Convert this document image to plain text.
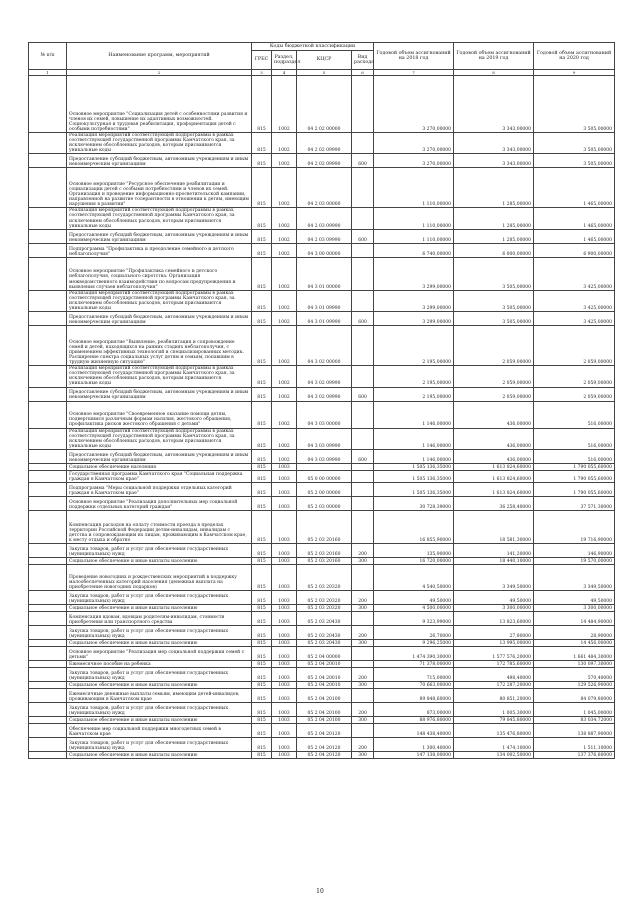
№ п/п	Наименование программ, мероприятий	Коды бюджетной классификации				Годовой объем ассигнований на 2018 год	Годовой объем ассигнований на 2019 год	Годовой объем ассигнований на 2020 год
		ГРБС	Раздел, подраздел	КЦСР	Вид расхода			
1	2	3	4	5	6	7	8	9
	Основное мероприятие "Социализация детей с особенностями развития и членов их семей, повышение их адаптивных возможностей. Социокультурная и трудовая реабилитация, профориентация детей с особыми потребностями"	815	1002	04 2 02 00000		3 270,00000	3 343,00000	3 505,00000
	Реализация мероприятий соответствующей подпрограммы в рамках соответствующей государственной программы Камчатского края, за исключением обособленных расходов, которым присваиваются уникальные коды	815	1002	04 2 02 09990		3 270,00000	3 343,00000	3 505,00000
	Предоставление субсидий бюджетным, автономным учреждениям и иным некоммерческим организациям	815	1002	04 2 02 09990	600	3 270,00000	3 343,00000	3 505,00000
	Основное мероприятие "Ресурсное обеспечение реабилитации и социализации детей с особыми потребностями и членов их семей. Организация и проведение информационно-просветительской кампании, направленной на развитие толерантности в отношении к детям, имеющим нарушения в развитии"	815	1002	04 2 03 00000		1 110,00000	1 285,00000	1 465,00000
	Реализация мероприятий соответствующей подпрограммы в рамках соответствующей государственной программы Камчатского края, за исключением обособленных расходов, которым присваиваются уникальные коды	815	1002	04 2 03 09990		1 110,00000	1 285,00000	1 465,00000
	Предоставление субсидий бюджетным, автономным учреждениям и иным некоммерческим организациям	815	1002	04 2 03 09990	600	1 110,00000	1 285,00000	1 465,00000
	Подпрограмма "Профилактика и преодоление семейного и детского неблагополучия"	815	1002	04 3 00 00000		6 740,00000	6 000,00000	6 900,00000
	Основное мероприятие "Профилактика семейного и детского неблагополучия, социального сиротства. Организация межведомственного взаимодействия по вопросам предупреждения и выявления случаев неблагополучия"	815	1002	04 3 01 00000		3 299,00000	3 505,00000	3 425,00000
	Реализация мероприятий соответствующей подпрограммы в рамках соответствующей государственной программы Камчатского края, за исключением обособленных расходов, которым присваиваются уникальные коды	815	1002	04 3 01 09990		3 299,00000	3 505,00000	3 425,00000
	Предоставление субсидий бюджетным, автономным учреждениям и иным некоммерческим организациям	815	1002	04 3 01 09990	600	3 299,00000	3 505,00000	3 425,00000
	Основное мероприятие "Выявление, реабилитация и сопровождение семей и детей, находящихся на ранних стадиях неблагополучия, с применением эффективных технологий и специализированных методик. Расширение спектра социальных услуг детям и семьям, попавшим в трудную жизненную ситуацию"	815	1002	04 3 02 00000		2 195,00000	2 059,00000	2 059,00000
	Реализация мероприятий соответствующей подпрограммы в рамках соответствующей государственной программы Камчатского края, за исключением обособленных расходов, которым присваиваются уникальные коды	815	1002	04 3 02 09990		2 195,00000	2 059,00000	2 059,00000
	Предоставление субсидий бюджетным, автономным учреждениям и иным некоммерческим организациям	815	1002	04 3 02 09990	600	2 195,00000	2 059,00000	2 059,00000
	Основное мероприятие "Своевременное оказание помощи детям, подвергшимся различным формам насилия, жестокого обращения, профилактика рисков жестокого обращения с детьми"	815	1002	04 3 03 00000		1 146,00000	436,00000	516,00000
	Реализация мероприятий соответствующей подпрограммы в рамках соответствующей государственной программы Камчатского края, за исключением обособленных расходов, которым присваиваются уникальные коды	815	1002	04 3 03 09990		1 146,00000	436,00000	516,00000
	Предоставление субсидий бюджетным, автономным учреждениям и иным некоммерческим организациям	815	1002	04 3 03 09990	600	1 146,00000	436,00000	516,00000
	Социальное обеспечение населения	815	1003			1 505 136,35000	1 613 824,60000	1 790 055,60000
	Государственная программа Камчатского края "Социальная поддержка граждан в Камчатском крае"	815	1003	05 0 00 00000		1 505 136,35000	1 613 824,60000	1 790 055,60000
	Подпрограмма "Меры социальной поддержки отдельных категорий граждан в Камчатском крае"	815	1003	05 2 00 00000		1 505 136,35000	1 613 824,60000	1 790 055,60000
	Основное мероприятие "Реализация дополнительных мер социальной поддержки отдельных категорий граждан"	815	1003	05 2 03 00000		30 728,39000	36 258,40000	37 571,30000
	Компенсация расходов на оплату стоимости проезда в пределах территории Российской Федерации детям-инвалидам, инвалидам с детства и сопровождающим их лицам, проживающим в Камчатском крае, к месту отдыха и обратно	815	1003	05 2 03 20160		16 855,90000	18 581,30000	19 716,90000
	Закупка товаров, работ и услуг для обеспечения государственных (муниципальных) нужд	815	1003	05 2 03 20160	200	135,90000	141,20000	146,90000
	Социальное обеспечение и иные выплаты населению	815	1003	05 2 03 20160	300	16 720,00000	18 440,10000	19 570,00000
	Проведение новогодних и рождественских мероприятий в поддержку малообеспеченных категорий населения (денежная выплата на приобретение новогодних подарков)	815	1003	05 2 03 20320		4 540,50000	3 349,50000	3 349,50000
	Закупка товаров, работ и услуг для обеспечения государственных (муниципальных) нужд	815	1003	05 2 03 20320	200	49,50000	49,50000	49,50000
	Социальное обеспечение и иные выплаты населению	815	1003	05 2 03 20320	300	4 500,00000	3 300,00000	3 300,00000
	Компенсация вдовам, вдовцам родителям-инвалидам, стоимости приобретения или транспортного средства	815	1003	05 2 03 20430		9 323,99000	13 823,60000	14 484,90000
	Закупка товаров, работ и услуг для обеспечения государственных (муниципальных) нужд	815	1003	05 2 03 20430	200	26,70000	27,80000	28,90000
	Социальное обеспечение и иные выплаты населению	815	1003	05 2 03 20430	300	9 296,25000	13 995,00000	14 456,00000
	Основное мероприятие "Реализация мер социальной поддержки семей с детьми"	815	1003	05 2 04 00000		1 474 390,30000	1 577 576,20000	1 661 484,30000
	Ежемесячное пособие на ребенка	815	1003	05 2 04 20010		71 378,00000	172 785,60000	130 097,30000
	Закупка товаров, работ и услуг для обеспечения государственных (муниципальных) нужд	815	1003	05 2 04 20010	200	715,00000	498,40000	570,40000
	Социальное обеспечение и иные выплаты населению	815	1003	05 2 04 20010	300	70 663,00000	172 287,20000	129 526,90000
	Ежемесячные денежные выплаты семьям, имеющим детей-инвалидов, проживающим в Камчатском крае	815	1003	05 2 04 20100		89 848,60000	80 851,20000	84 079,80000
	Закупка товаров, работ и услуг для обеспечения государственных (муниципальных) нужд	815	1003	05 2 04 20100	200	873,00000	1 005,30000	1 045,00000
	Социальное обеспечение и иные выплаты населению	815	1003	05 2 04 20100	300	88 976,80000	79 845,80000	83 034,72000
	Обеспечение мер социальной поддержки многодетных семей в Камчатском крае	815	1003	05 2 04 20120		148 438,40000	135 476,80000	138 887,90000
	Закупка товаров, работ и услуг для обеспечения государственных (муниципальных) нужд	815	1003	05 2 04 20120	200	1 300,40000	1 474,10000	1 511,10000
	Социальное обеспечение и иные выплаты населению	815	1003	05 2 04 20120	300	147 138,00000	134 002,50000	137 376,80000
10
